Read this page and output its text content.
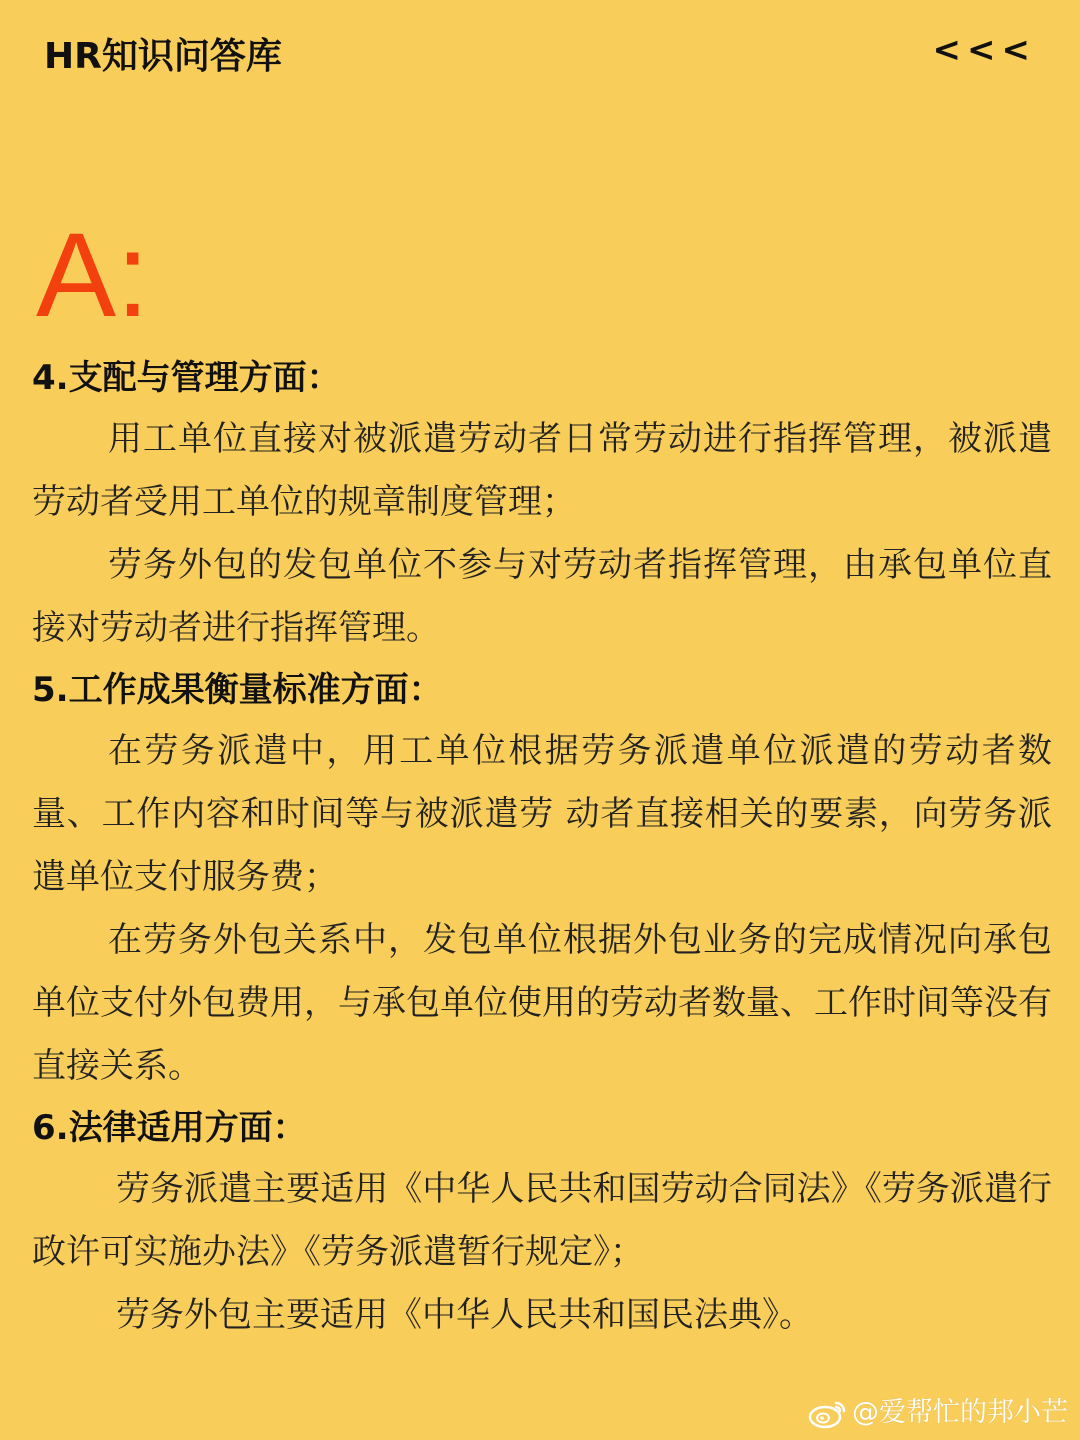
HR知识问答库	<<<
A:
4.支配与管理方面：

用工单位直接对被派遣劳动者日常劳动进行指挥管理，被派遣劳动者受用工单位的规章制度管理；

劳务外包的发包单位不参与对劳动者指挥管理，由承包单位直接对劳动者进行指挥管理。

5.工作成果衡量标准方面：

在劳务派遣中，用工单位根据劳务派遣单位派遣的劳动者数量、工作内容和时间等与被派遣劳 动者直接相关的要素，向劳务派遣单位支付服务费；

在劳务外包关系中，发包单位根据外包业务的完成情况向承包单位支付外包费用，与承包单位使用的劳动者数量、工作时间等没有直接关系。

6.法律适用方面：

劳务派遣主要适用《中华人民共和国劳动合同法》《劳务派遣行政许可实施办法》《劳务派遣暂行规定》；

劳务外包主要适用《中华人民共和国民法典》。

@爱帮忙的邦小芒
